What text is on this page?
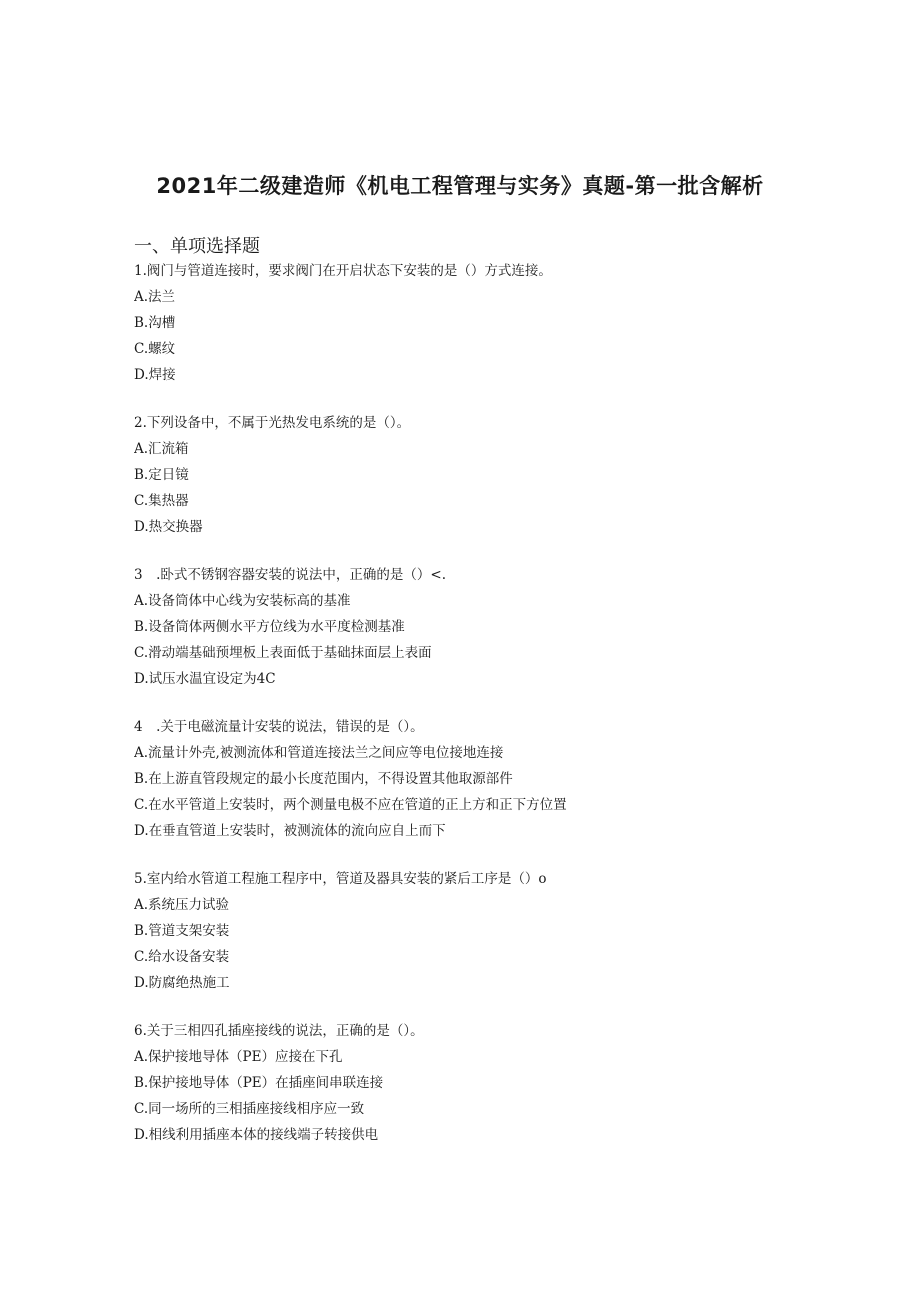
2021年二级建造师《机电工程管理与实务》真题-第一批含解析
一、单项选择题
1.阀门与管道连接时，要求阀门在开启状态下安装的是（）方式连接。
A.法兰
B.沟槽
C.螺纹
D.焊接
2.下列设备中，不属于光热发电系统的是（）。
A.汇流箱
B.定日镜
C.集热器
D.热交换器
3　.卧式不锈钢容器安装的说法中，正确的是（）<.
A.设备筒体中心线为安装标高的基准
B.设备筒体两侧水平方位线为水平度检测基准
C.滑动端基础预埋板上表面低于基础抹面层上表面
D.试压水温宜设定为4C
4　.关于电磁流量计安装的说法，错误的是（）。
A.流量计外壳,被测流体和管道连接法兰之间应等电位接地连接
B.在上游直管段规定的最小长度范围内，不得设置其他取源部件
C.在水平管道上安装时，两个测量电极不应在管道的正上方和正下方位置
D.在垂直管道上安装时，被测流体的流向应自上而下
5.室内给水管道工程施工程序中，管道及器具安装的紧后工序是（）o
A.系统压力试验
B.管道支架安装
C.给水设备安装
D.防腐绝热施工
6.关于三相四孔插座接线的说法，正确的是（）。
A.保护接地导体（PE）应接在下孔
B.保护接地导体（PE）在插座间串联连接
C.同一场所的三相插座接线相序应一致
D.相线利用插座本体的接线端子转接供电
